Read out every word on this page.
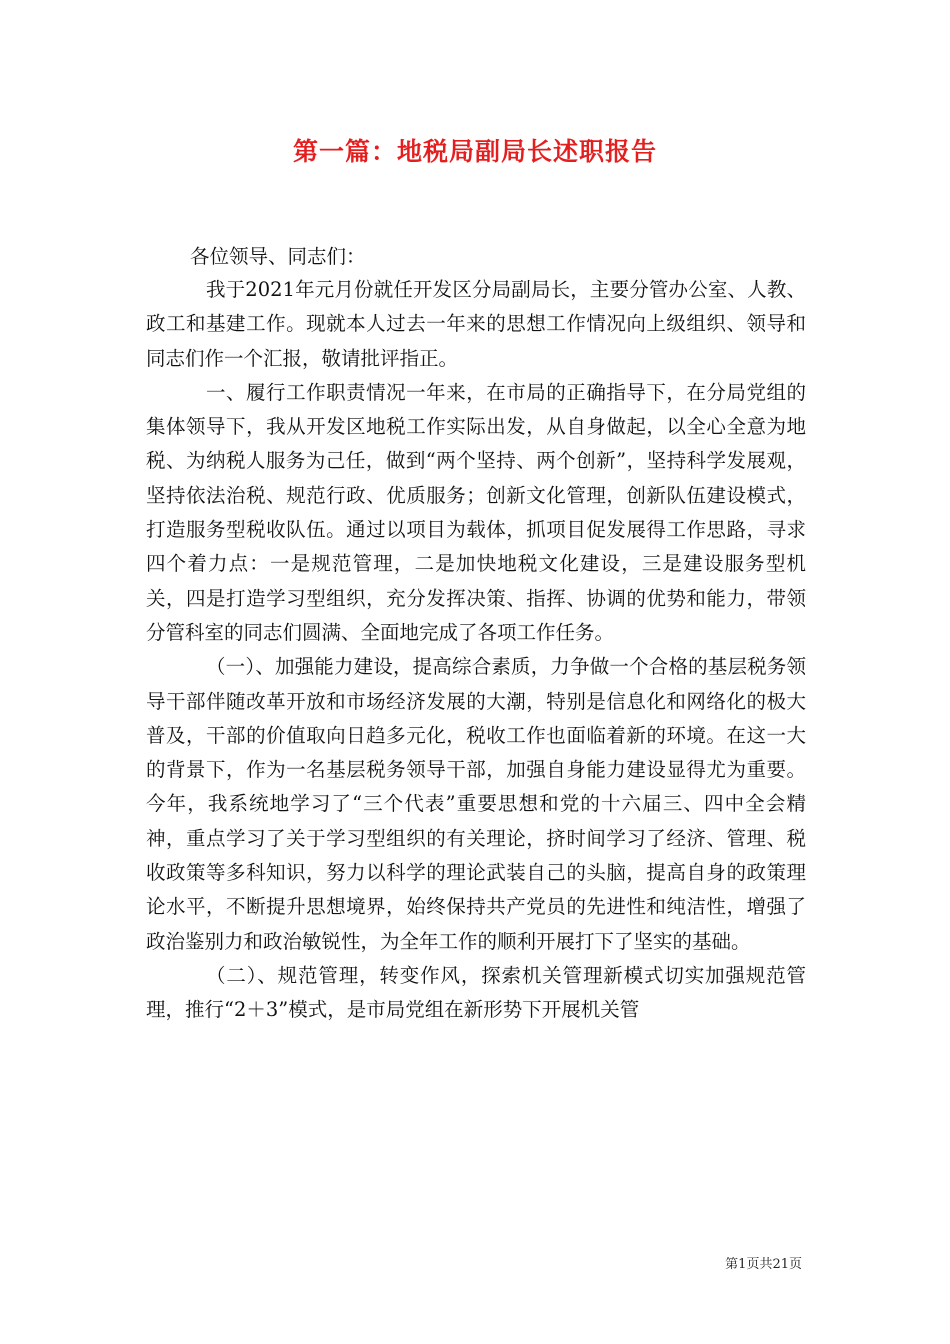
第一篇：地税局副局长述职报告

各位领导、同志们：

我于2021年元月份就任开发区分局副局长，主要分管办公室、人教、政工和基建工作。现就本人过去一年来的思想工作情况向上级组织、领导和同志们作一个汇报，敬请批评指正。

一、履行工作职责情况一年来，在市局的正确指导下，在分局党组的集体领导下，我从开发区地税工作实际出发，从自身做起，以全心全意为地税、为纳税人服务为己任，做到“两个坚持、两个创新”，坚持科学发展观，坚持依法治税、规范行政、优质服务；创新文化管理，创新队伍建设模式，打造服务型税收队伍。通过以项目为载体，抓项目促发展得工作思路，寻求四个着力点：一是规范管理，二是加快地税文化建设，三是建设服务型机关，四是打造学习型组织，充分发挥决策、指挥、协调的优势和能力，带领分管科室的同志们圆满、全面地完成了各项工作任务。

（一）、加强能力建设，提高综合素质，力争做一个合格的基层税务领导干部伴随改革开放和市场经济发展的大潮，特别是信息化和网络化的极大普及，干部的价值取向日趋多元化，税收工作也面临着新的环境。在这一大的背景下，作为一名基层税务领导干部，加强自身能力建设显得尤为重要。今年，我系统地学习了“三个代表”重要思想和党的十六届三、四中全会精神，重点学习了关于学习型组织的有关理论，挤时间学习了经济、管理、税收政策等多科知识，努力以科学的理论武装自己的头脑，提高自身的政策理论水平，不断提升思想境界，始终保持共产党员的先进性和纯洁性，增强了政治鉴别力和政治敏锐性，为全年工作的顺利开展打下了坚实的基础。

（二）、规范管理，转变作风，探索机关管理新模式切实加强规范管理，推行“2＋3”模式，是市局党组在新形势下开展机关管

第1页共21页
